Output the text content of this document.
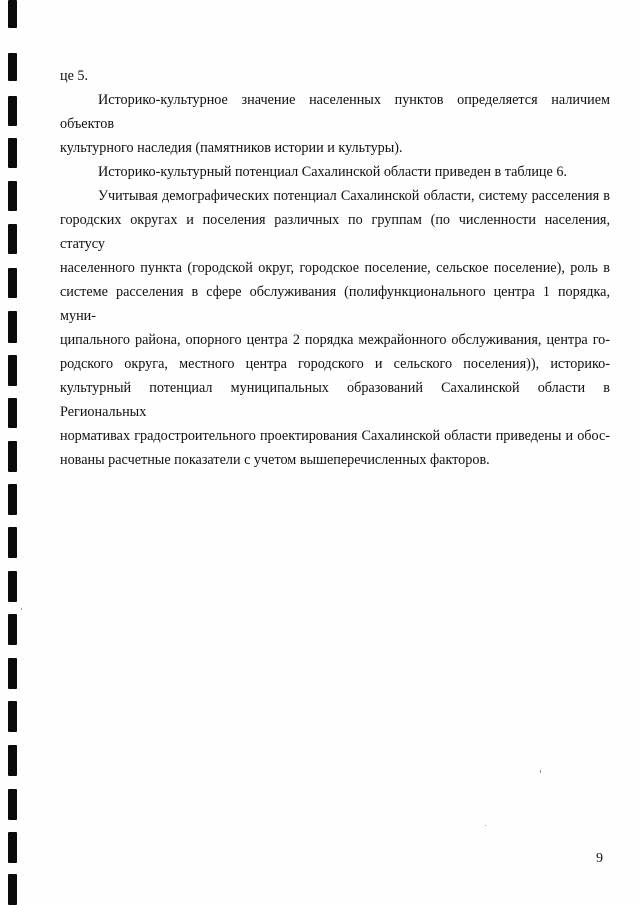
це 5.

Историко-культурное значение населенных пунктов определяется наличием объектов
культурного наследия (памятников истории и культуры).

Историко-культурный потенциал Сахалинской области приведен в таблице 6.

Учитывая демографических потенциал Сахалинской области, систему расселения в
городских округах и поселения различных по группам (по численности населения, статусу
населенного пункта (городской округ, городское поселение, сельское поселение), роль в
системе расселения в сфере обслуживания (полифункционального центра 1 порядка, муни-
ципального района, опорного центра 2 порядка межрайонного обслуживания, центра го-
родского округа, местного центра городского и сельского поселения)), историко-
культурный потенциал муниципальных образований Сахалинской области в Региональных
нормативах градостроительного проектирования Сахалинской области приведены и обос-
нованы расчетные показатели с учетом вышеперечисленных факторов.

9
